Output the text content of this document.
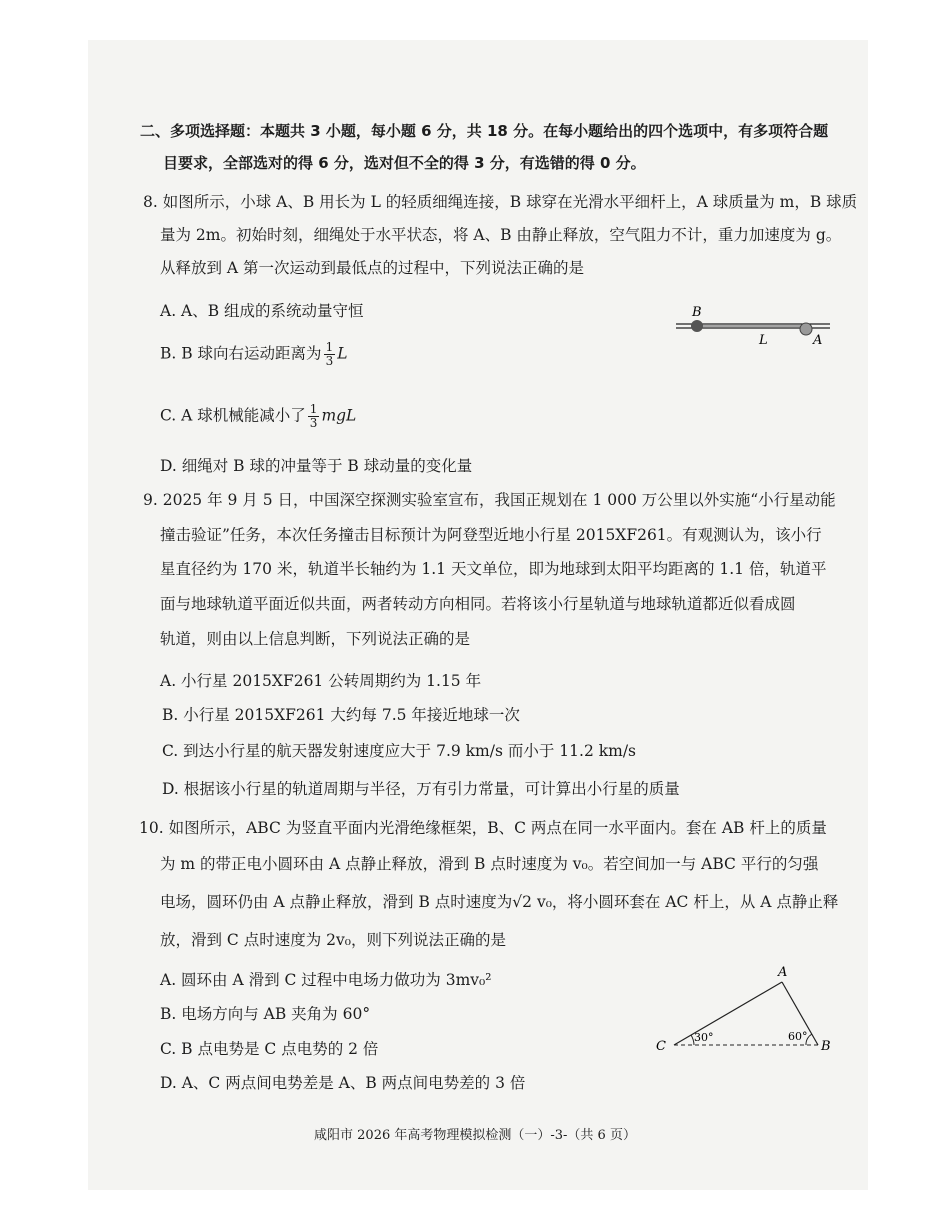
二、多项选择题：本题共 3 小题，每小题 6 分，共 18 分。在每小题给出的四个选项中，有多项符合题
目要求，全部选对的得 6 分，选对但不全的得 3 分，有选错的得 0 分。
8. 如图所示，小球 A、B 用长为 L 的轻质细绳连接，B 球穿在光滑水平细杆上，A 球质量为 m，B 球质
量为 2m。初始时刻，细绳处于水平状态，将 A、B 由静止释放，空气阻力不计，重力加速度为 g。
从释放到 A 第一次运动到最低点的过程中，下列说法正确的是
A. A、B 组成的系统动量守恒
B. B 球向右运动距离为 $\frac{1}{3}$ L
C. A 球机械能减小了 $\frac{1}{3}$ mgL
D. 细绳对 B 球的冲量等于 B 球动量的变化量
B
L	A
9. 2025 年 9 月 5 日，中国深空探测实验室宣布，我国正规划在 1 000 万公里以外实施“小行星动能
撞击验证”任务，本次任务撞击目标预计为阿登型近地小行星 2015XF261。有观测认为，该小行
星直径约为 170 米，轨道半长轴约为 1.1 天文单位，即为地球到太阳平均距离的 1.1 倍，轨道平
面与地球轨道平面近似共面，两者转动方向相同。若将该小行星轨道与地球轨道都近似看成圆
轨道，则由以上信息判断，下列说法正确的是
A. 小行星 2015XF261 公转周期约为 1.15 年
B. 小行星 2015XF261 大约每 7.5 年接近地球一次
C. 到达小行星的航天器发射速度应大于 7.9 km/s 而小于 11.2 km/s
D. 根据该小行星的轨道周期与半径，万有引力常量，可计算出小行星的质量
10. 如图所示，ABC 为竖直平面内光滑绝缘框架，B、C 两点在同一水平面内。套在 AB 杆上的质量
为 m 的带正电小圆环由 A 点静止释放，滑到 B 点时速度为 v₀。若空间加一与 ABC 平行的匀强
电场，圆环仍由 A 点静止释放，滑到 B 点时速度为√2 v₀，将小圆环套在 AC 杆上，从 A 点静止释
放，滑到 C 点时速度为 2v₀，则下列说法正确的是
A. 圆环由 A 滑到 C 过程中电场力做功为 3mv₀²
B. 电场方向与 AB 夹角为 60°
C. B 点电势是 C 点电势的 2 倍
D. A、C 两点间电势差是 A、B 两点间电势差的 3 倍
A
C	B
30°	60°
咸阳市 2026 年高考物理模拟检测（一）-3-（共 6 页）
